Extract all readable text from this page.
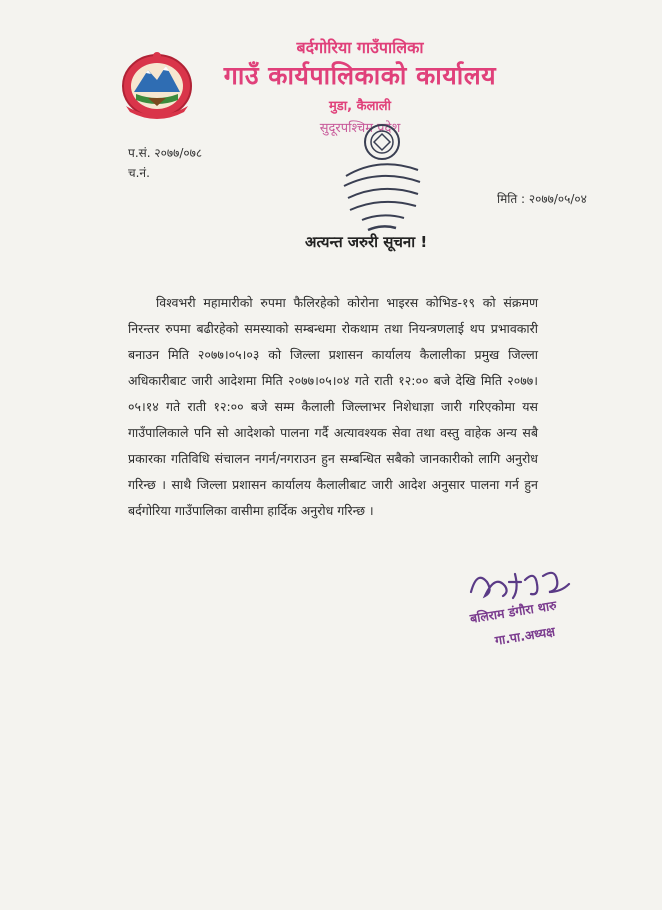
बर्दगोरिया गाउँपालिका
गाउँ कार्यपालिकाको कार्यालय
मुडा, कैलाली
सुदूरपश्चिम प्रदेश
प.सं. २०७७/०७८
च.नं.
मिति : २०७७/०५/०४
अत्यन्त जरुरी सूचना !

विश्वभरी महामारीको रुपमा फैलिरहेको कोरोना भाइरस कोभिड-१९ को संक्रमण निरन्तर रुपमा बढीरहेको समस्याको सम्बन्धमा रोकथाम तथा नियन्त्रणलाई थप प्रभावकारी बनाउन मिति २०७७।०५।०३ को जिल्ला प्रशासन कार्यालय कैलालीका प्रमुख जिल्ला अधिकारीबाट जारी आदेशमा मिति २०७७।०५।०४ गते राती १२:०० बजे देखि मिति २०७७।०५।१४ गते राती १२:०० बजे सम्म कैलाली जिल्लाभर निशेधाज्ञा जारी गरिएकोमा यस गाउँपालिकाले पनि सो आदेशको पालना गर्दै अत्यावश्यक सेवा तथा वस्तु वाहेक अन्य सबै प्रकारका गतिविधि संचालन नगर्न/नगराउन हुन सम्बन्धित सबैको जानकारीको लागि अनुरोध गरिन्छ । साथै जिल्ला प्रशासन कार्यालय कैलालीबाट जारी आदेश अनुसार पालना गर्न हुन बर्दगोरिया गाउँपालिका वासीमा हार्दिक अनुरोध गरिन्छ ।

बलिराम डंगौरा थारु
गा.पा.अध्यक्ष
